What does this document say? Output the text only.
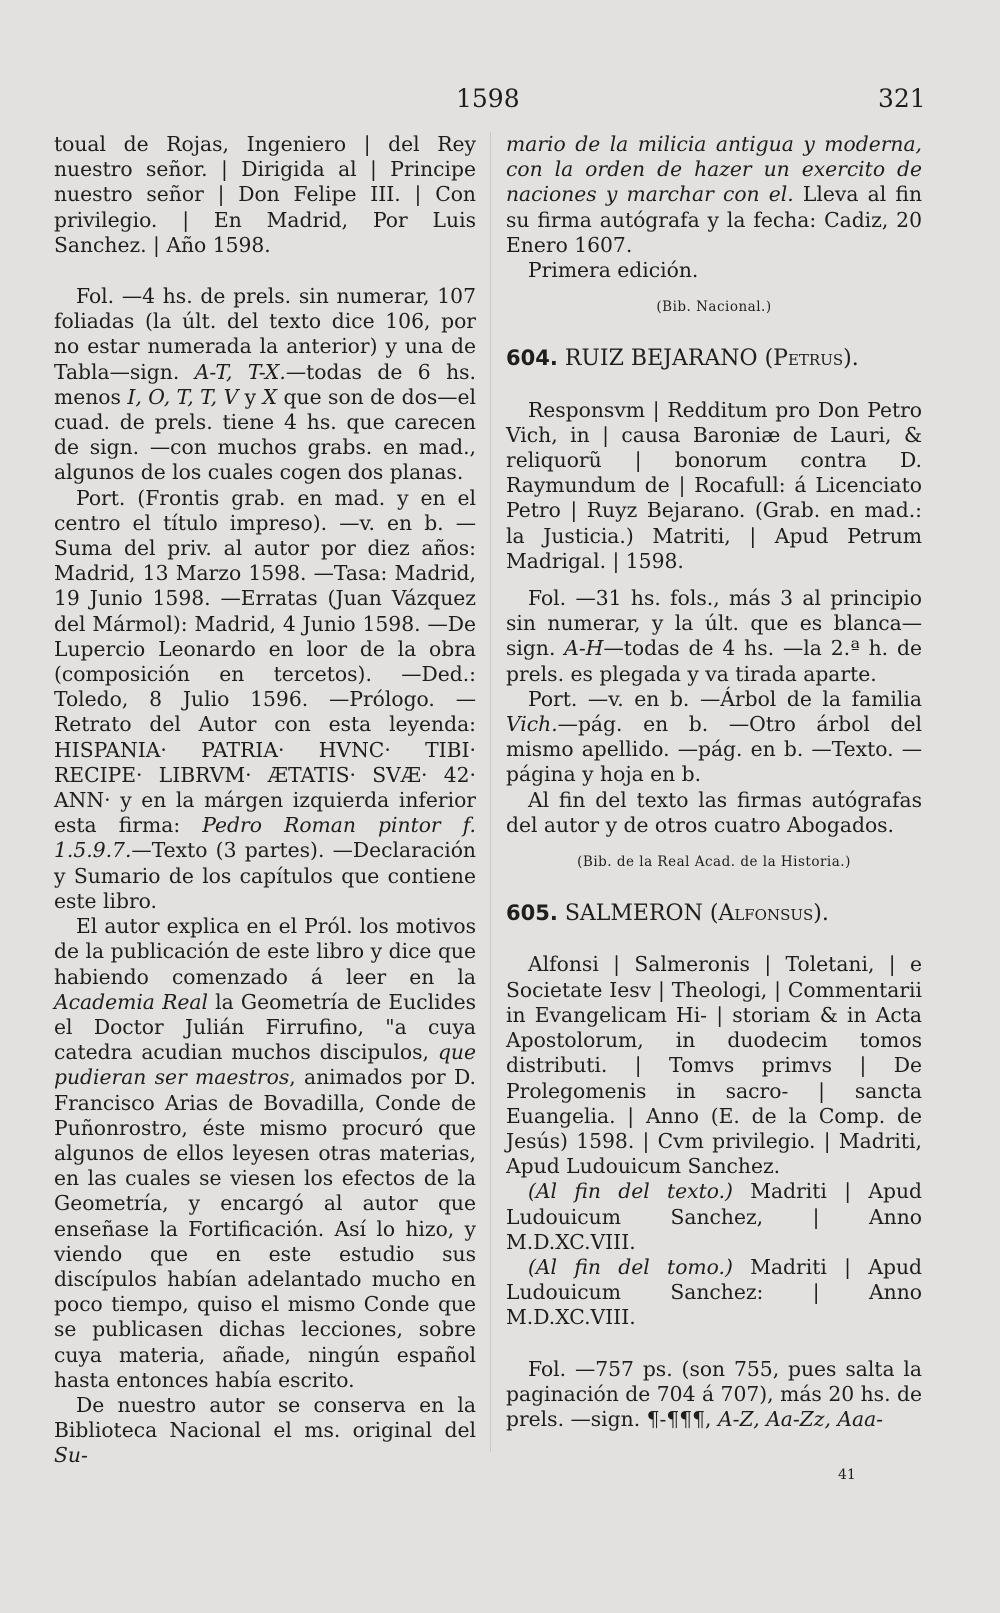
1598	321

toual de Rojas, Ingeniero | del Rey nuestro señor. | Dirigida al | Principe nuestro señor | Don Felipe III. | Con privilegio. | En Madrid, Por Luis Sanchez. | Año 1598.

Fol. —4 hs. de prels. sin numerar, 107 foliadas (la últ. del texto dice 106, por no estar numerada la anterior) y una de Tabla—sign. A-T, T-X.—todas de 6 hs. menos I, O, T, T, V y X que son de dos—el cuad. de prels. tiene 4 hs. que carecen de sign. —con muchos grabs. en mad., algunos de los cuales cogen dos planas.

Port. (Frontis grab. en mad. y en el centro el título impreso). —v. en b. —Suma del priv. al autor por diez años: Madrid, 13 Marzo 1598. —Tasa: Madrid, 19 Junio 1598. —Erratas (Juan Vázquez del Mármol): Madrid, 4 Junio 1598. —De Lupercio Leonardo en loor de la obra (composición en tercetos). —Ded.: Toledo, 8 Julio 1596. —Prólogo. —Retrato del Autor con esta leyenda: HISPANIA· PATRIA· HVNC· TIBI· RECIPE· LIBRVM· ÆTATIS· SVÆ· 42· ANN· y en la márgen izquierda inferior esta firma: Pedro Roman pintor f. 1.5.9.7.—Texto (3 partes). —Declaración y Sumario de los capítulos que contiene este libro.

El autor explica en el Pról. los motivos de la publicación de este libro y dice que habiendo comenzado á leer en la Academia Real la Geometría de Euclides el Doctor Julián Firrufino, "a cuya catedra acudian muchos discipulos, que pudieran ser maestros, animados por D. Francisco Arias de Bovadilla, Conde de Puñonrostro, éste mismo procuró que algunos de ellos leyesen otras materias, en las cuales se viesen los efectos de la Geometría, y encargó al autor que enseñase la Fortificación. Así lo hizo, y viendo que en este estudio sus discípulos habían adelantado mucho en poco tiempo, quiso el mismo Conde que se publicasen dichas lecciones, sobre cuya materia, añade, ningún español hasta entonces había escrito.

De nuestro autor se conserva en la Biblioteca Nacional el ms. original del Su-

mario de la milicia antigua y moderna, con la orden de hazer un exercito de naciones y marchar con el. Lleva al fin su firma autógrafa y la fecha: Cadiz, 20 Enero 1607.

Primera edición.

(Bib. Nacional.)

604. RUIZ BEJARANO (Petrus).

Responsvm | Redditum pro Don Petro Vich, in | causa Baroniæ de Lauri, & reliquorũ | bonorum contra D. Raymundum de | Rocafull: á Licenciato Petro | Ruyz Bejarano. (Grab. en mad.: la Justicia.) Matriti, | Apud Petrum Madrigal. | 1598.

Fol. —31 hs. fols., más 3 al principio sin numerar, y la últ. que es blanca—sign. A-H—todas de 4 hs. —la 2.ª h. de prels. es plegada y va tirada aparte.

Port. —v. en b. —Árbol de la familia Vich.—pág. en b. —Otro árbol del mismo apellido. —pág. en b. —Texto. —página y hoja en b.

Al fin del texto las firmas autógrafas del autor y de otros cuatro Abogados.

(Bib. de la Real Acad. de la Historia.)

605. SALMERON (Alfonsus).

Alfonsi | Salmeronis | Toletani, | e Societate Iesv | Theologi, | Commentarii in Evangelicam Hi- | storiam & in Acta Apostolorum, in duodecim tomos distributi. | Tomvs primvs | De Prolegomenis in sacro- | sancta Euangelia. | Anno (E. de la Comp. de Jesús) 1598. | Cvm privilegio. | Madriti, Apud Ludouicum Sanchez.

(Al fin del texto.) Madriti | Apud Ludouicum Sanchez, | Anno M.D.XC.VIII.

(Al fin del tomo.) Madriti | Apud Ludouicum Sanchez: | Anno M.D.XC.VIII.

Fol. —757 ps. (son 755, pues salta la paginación de 704 á 707), más 20 hs. de prels. —sign. ¶-¶¶¶, A-Z, Aa-Zz, Aaa-

41
